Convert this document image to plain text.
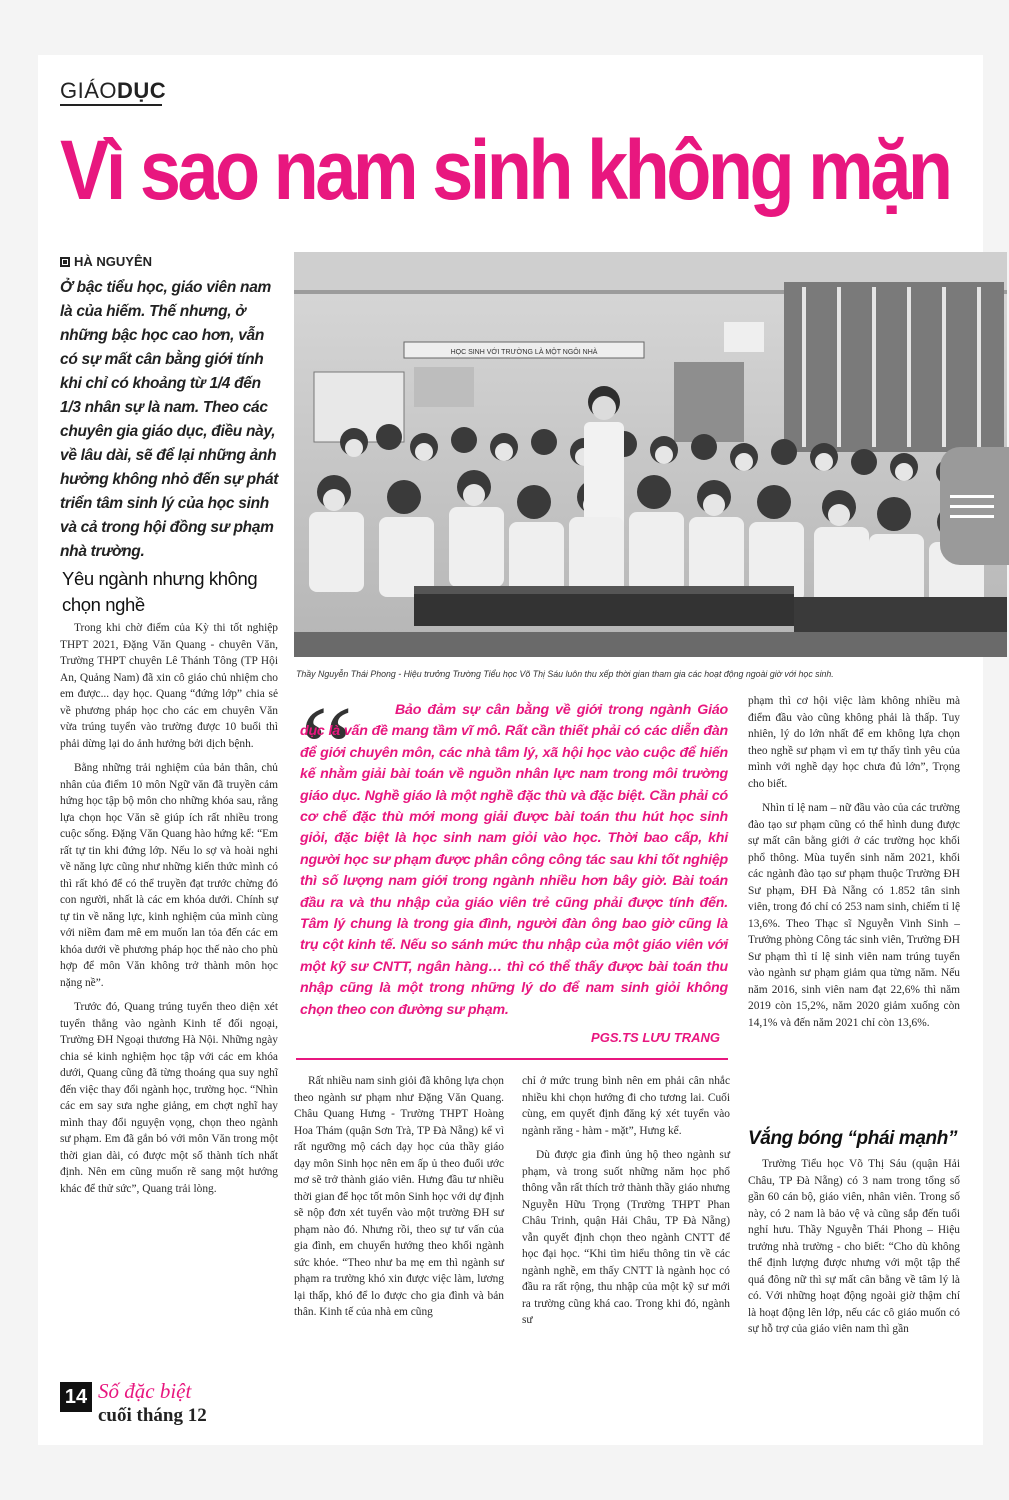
GIÁODỤC
Vì sao nam sinh không mặn
HÀ NGUYÊN
Ở bậc tiểu học, giáo viên nam là của hiếm. Thế nhưng, ở những bậc học cao hơn, vẫn có sự mất cân bằng giới tính khi chỉ có khoảng từ 1/4 đến 1/3 nhân sự là nam. Theo các chuyên gia giáo dục, điều này, về lâu dài, sẽ để lại những ảnh hưởng không nhỏ đến sự phát triển tâm sinh lý của học sinh và cả trong hội đồng sư phạm nhà trường.
HỌC SINH VỚI TRƯỜNG LÀ MỘT NGÔI NHÀ
Thầy Nguyễn Thái Phong - Hiệu trưởng Trường Tiểu học Võ Thị Sáu luôn thu xếp thời gian tham gia các hoạt động ngoài giờ với học sinh.
Yêu ngành nhưng không chọn nghề

Trong khi chờ điểm của Kỳ thi tốt nghiệp THPT 2021, Đặng Văn Quang - chuyên Văn, Trường THPT chuyên Lê Thánh Tông (TP Hội An, Quảng Nam) đã xin cô giáo chủ nhiệm cho em được... dạy học. Quang “đứng lớp” chia sẻ về phương pháp học cho các em chuyên Văn vừa trúng tuyển vào trường được 10 buổi thì phải dừng lại do ảnh hưởng bởi dịch bệnh.

Bằng những trải nghiệm của bản thân, chủ nhân của điểm 10 môn Ngữ văn đã truyền cảm hứng học tập bộ môn cho những khóa sau, rằng lựa chọn học Văn sẽ giúp ích rất nhiều trong cuộc sống. Đặng Văn Quang hào hứng kể: “Em rất tự tin khi đứng lớp. Nếu lo sợ và hoài nghi về năng lực cũng như những kiến thức mình có thì rất khó để có thể truyền đạt trước chừng đó con người, nhất là các em khóa dưới. Chính sự tự tin về năng lực, kinh nghiệm của mình cùng với niềm đam mê em muốn lan tỏa đến các em khóa dưới về phương pháp học thế nào cho phù hợp để môn Văn không trở thành môn học nặng nề”.

Trước đó, Quang trúng tuyển theo diện xét tuyển thẳng vào ngành Kinh tế đối ngoại, Trường ĐH Ngoại thương Hà Nội. Những ngày chia sẻ kinh nghiệm học tập với các em khóa dưới, Quang cũng đã từng thoáng qua suy nghĩ đến việc thay đổi ngành học, trường học. “Nhìn các em say sưa nghe giảng, em chợt nghĩ hay mình thay đổi nguyện vọng, chọn theo ngành sư phạm. Em đã gắn bó với môn Văn trong một thời gian dài, có được một số thành tích nhất định. Nên em cũng muốn rẽ sang một hướng khác để thử sức”, Quang trải lòng.

“	Bảo đảm sự cân bằng về giới trong ngành Giáo dục là vấn đề mang tầm vĩ mô. Rất cần thiết phải có các diễn đàn để giới chuyên môn, các nhà tâm lý, xã hội học vào cuộc để hiến kế nhằm giải bài toán về nguồn nhân lực nam trong môi trường giáo dục. Nghề giáo là một nghề đặc thù và đặc biệt. Cần phải có cơ chế đặc thù mới mong giải được bài toán thu hút học sinh giỏi, đặc biệt là học sinh nam giỏi vào học. Thời bao cấp, khi người học sư phạm được phân công công tác sau khi tốt nghiệp thì số lượng nam giới trong ngành nhiều hơn bây giờ. Bài toán đầu ra và thu nhập của giáo viên trẻ cũng phải được tính đến. Tâm lý chung là trong gia đình, người đàn ông bao giờ cũng là trụ cột kinh tế. Nếu so sánh mức thu nhập của một giáo viên với một kỹ sư CNTT, ngân hàng… thì có thể thấy được bài toán thu nhập cũng là một trong những lý do để nam sinh giỏi không chọn theo con đường sư phạm.
PGS.TS LƯU TRANG

Rất nhiều nam sinh giỏi đã không lựa chọn theo ngành sư phạm như Đặng Văn Quang. Châu Quang Hưng - Trường THPT Hoàng Hoa Thám (quận Sơn Trà, TP Đà Nẵng) kể vì rất ngưỡng mộ cách dạy học của thầy giáo dạy môn Sinh học nên em ấp ủ theo đuổi ước mơ sẽ trở thành giáo viên. Hưng đầu tư nhiều thời gian để học tốt môn Sinh học với dự định sẽ nộp đơn xét tuyển vào một trường ĐH sư phạm nào đó. Nhưng rồi, theo sự tư vấn của gia đình, em chuyển hướng theo khối ngành sức khỏe. “Theo như ba mẹ em thì ngành sư phạm ra trường khó xin được việc làm, lương lại thấp, khó để lo được cho gia đình và bản thân. Kinh tế của nhà em cũng

chỉ ở mức trung bình nên em phải cân nhắc nhiều khi chọn hướng đi cho tương lai. Cuối cùng, em quyết định đăng ký xét tuyển vào ngành răng - hàm - mặt”, Hưng kể.

Dù được gia đình ủng hộ theo ngành sư phạm, và trong suốt những năm học phổ thông vẫn rất thích trở thành thầy giáo nhưng Nguyễn Hữu Trọng (Trường THPT Phan Châu Trinh, quận Hải Châu, TP Đà Nẵng) vẫn quyết định chọn theo ngành CNTT để học đại học. “Khi tìm hiểu thông tin về các ngành nghề, em thấy CNTT là ngành học có đầu ra rất rộng, thu nhập của một kỹ sư mới ra trường cũng khá cao. Trong khi đó, ngành sư

phạm thì cơ hội việc làm không nhiều mà điểm đầu vào cũng không phải là thấp. Tuy nhiên, lý do lớn nhất để em không lựa chọn theo nghề sư phạm vì em tự thấy tình yêu của mình với nghề dạy học chưa đủ lớn”, Trọng cho biết.

Nhìn tỉ lệ nam – nữ đầu vào của các trường đào tạo sư phạm cũng có thể hình dung được sự mất cân bằng giới ở các trường học khối phổ thông. Mùa tuyển sinh năm 2021, khối các ngành đào tạo sư phạm thuộc Trường ĐH Sư phạm, ĐH Đà Nẵng có 1.852 tân sinh viên, trong đó chỉ có 253 nam sinh, chiếm tỉ lệ 13,6%. Theo Thạc sĩ Nguyễn Vinh Sinh – Trưởng phòng Công tác sinh viên, Trường ĐH Sư phạm thì tỉ lệ sinh viên nam trúng tuyển vào ngành sư phạm giảm qua từng năm. Nếu năm 2016, sinh viên nam đạt 22,6% thì năm 2019 còn 15,2%, năm 2020 giảm xuống còn 14,1% và đến năm 2021 chỉ còn 13,6%.

Vắng bóng “phái mạnh”

Trường Tiểu học Võ Thị Sáu (quận Hải Châu, TP Đà Nẵng) có 3 nam trong tổng số gần 60 cán bộ, giáo viên, nhân viên. Trong số này, có 2 nam là bảo vệ và cũng sắp đến tuổi nghỉ hưu. Thầy Nguyễn Thái Phong – Hiệu trưởng nhà trường - cho biết: “Cho dù không thể định lượng được nhưng với một tập thể quá đông nữ thì sự mất cân bằng về tâm lý là có. Với những hoạt động ngoài giờ thậm chí là hoạt động lên lớp, nếu các cô giáo muốn có sự hỗ trợ của giáo viên nam thì gần

14 Số đặc biệt
cuối tháng 12
